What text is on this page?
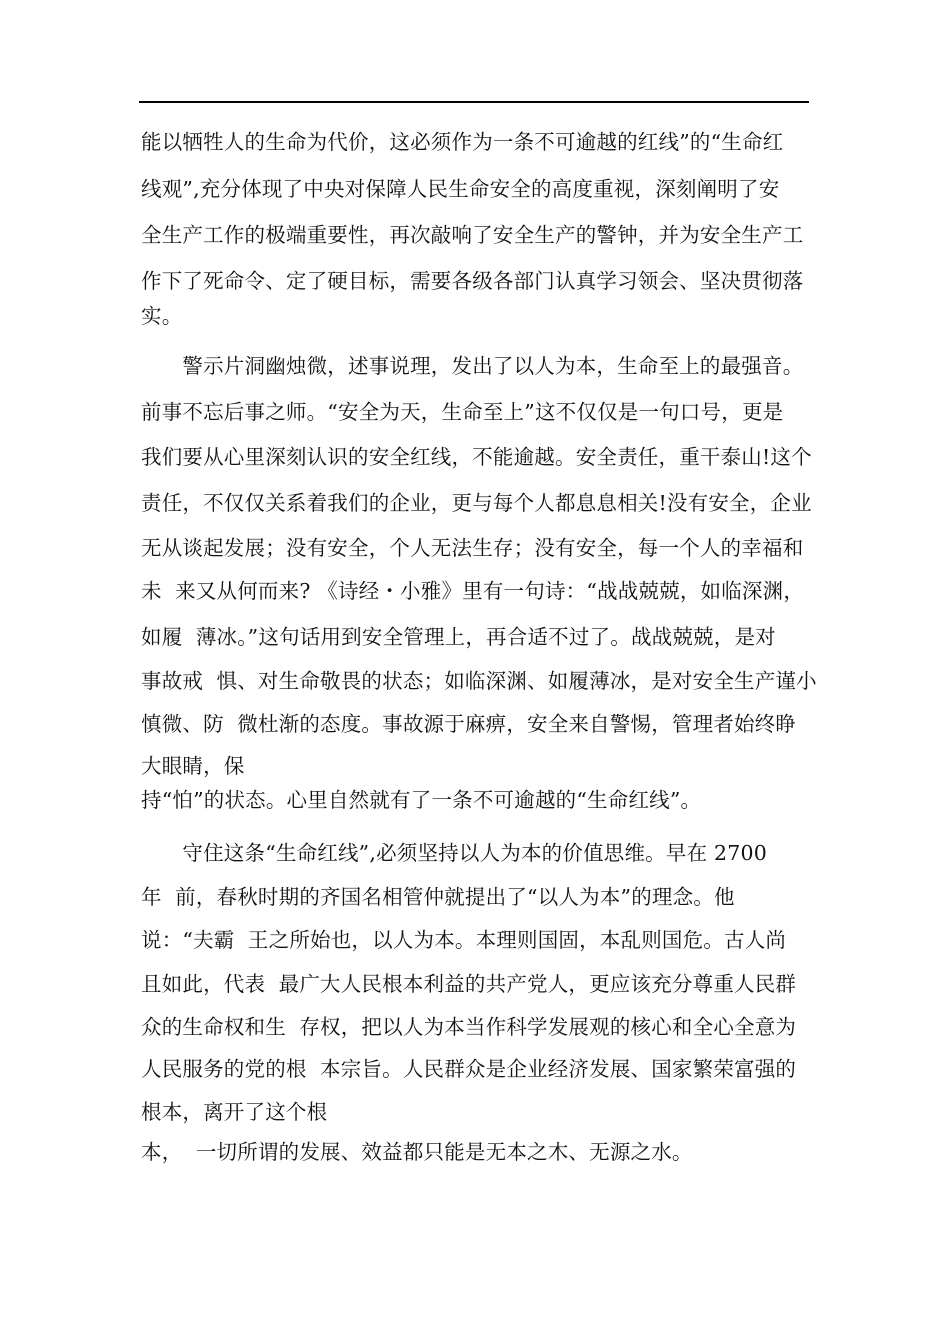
能以牺牲人的生命为代价，这必须作为一条不可逾越的红线”的“生命红
线观”,充分体现了中央对保障人民生命安全的高度重视，深刻阐明了安
全生产工作的极端重要性，再次敲响了安全生产的警钟，并为安全生产工
作下了死命令、定了硬目标，需要各级各部门认真学习领会、坚决贯彻落
实。
　　警示片洞幽烛微，述事说理，发出了以人为本，生命至上的最强音。
前事不忘后事之师。“安全为天，生命至上”这不仅仅是一句口号，更是
我们要从心里深刻认识的安全红线，不能逾越。安全责任，重干泰山!这个
责任，不仅仅关系着我们的企业，更与每个人都息息相关!没有安全，企业
无从谈起发展；没有安全，个人无法生存；没有安全，每一个人的幸福和
未  来又从何而来? 《诗经・小雅》里有一句诗：“战战兢兢，如临深渊，
如履  薄冰。”这句话用到安全管理上，再合适不过了。战战兢兢，是对
事故戒  惧、对生命敬畏的状态；如临深渊、如履薄冰，是对安全生产谨小
慎微、防  微杜渐的态度。事故源于麻痹，安全来自警惕，管理者始终睁
大眼睛，保
持“怕”的状态。心里自然就有了一条不可逾越的“生命红线”。
　　守住这条“生命红线”,必须坚持以人为本的价值思维。早在 2700
年  前，春秋时期的齐国名相管仲就提出了“以人为本”的理念。他
说：“夫霸  王之所始也，以人为本。本理则国固，本乱则国危。古人尚
且如此，代表  最广大人民根本利益的共产党人，更应该充分尊重人民群
众的生命权和生  存权，把以人为本当作科学发展观的核心和全心全意为
人民服务的党的根  本宗旨。人民群众是企业经济发展、国家繁荣富强的
根本，离开了这个根
本，  一切所谓的发展、效益都只能是无本之木、无源之水。
